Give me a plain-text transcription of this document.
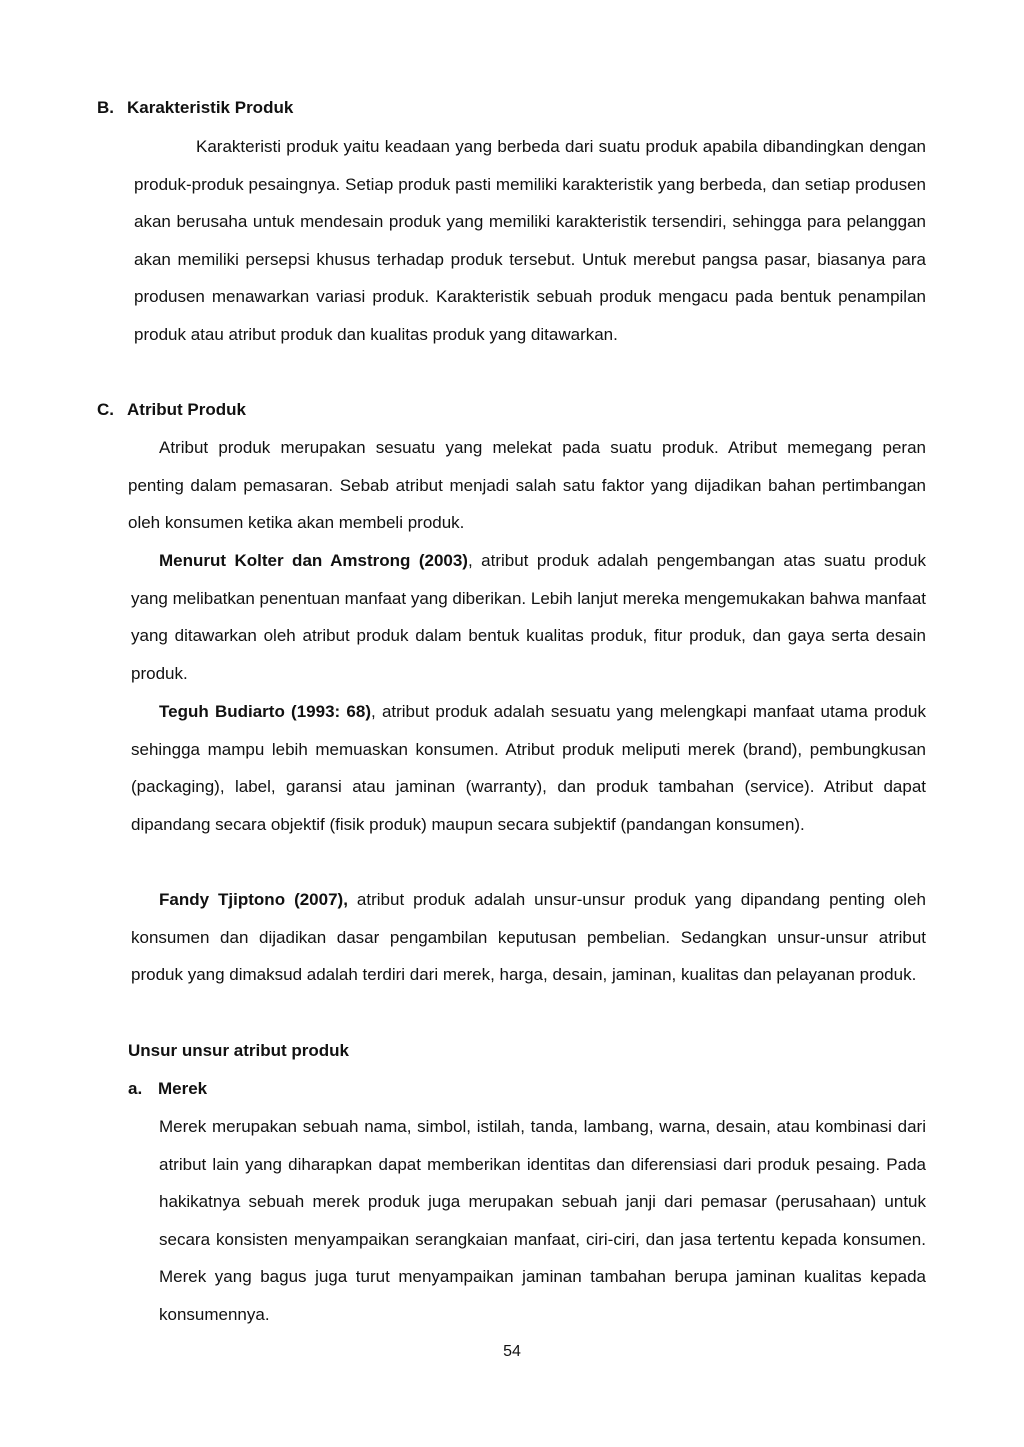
B. Karakteristik Produk

Karakteristi produk yaitu keadaan yang berbeda dari suatu produk apabila dibandingkan dengan produk-produk pesaingnya. Setiap produk pasti memiliki karakteristik yang berbeda, dan setiap produsen akan berusaha untuk mendesain produk yang memiliki karakteristik tersendiri, sehingga para pelanggan akan memiliki persepsi khusus terhadap produk tersebut. Untuk merebut pangsa pasar, biasanya para produsen menawarkan variasi produk. Karakteristik sebuah produk mengacu pada bentuk penampilan produk atau atribut produk dan kualitas produk yang ditawarkan.

C. Atribut Produk

Atribut produk merupakan sesuatu yang melekat pada suatu produk. Atribut memegang peran penting dalam pemasaran. Sebab atribut menjadi salah satu faktor yang dijadikan bahan pertimbangan oleh konsumen ketika akan membeli produk.

Menurut Kolter dan Amstrong (2003), atribut produk adalah pengembangan atas suatu produk yang melibatkan penentuan manfaat yang diberikan. Lebih lanjut mereka mengemukakan bahwa manfaat yang ditawarkan oleh atribut produk dalam bentuk kualitas produk, fitur produk, dan gaya serta desain produk.

Teguh Budiarto (1993: 68), atribut produk adalah sesuatu yang melengkapi manfaat utama produk sehingga mampu lebih memuaskan konsumen. Atribut produk meliputi merek (brand), pembungkusan (packaging), label, garansi atau jaminan (warranty), dan produk tambahan (service). Atribut dapat dipandang secara objektif (fisik produk) maupun secara subjektif (pandangan konsumen).

Fandy Tjiptono (2007), atribut produk adalah unsur-unsur produk yang dipandang penting oleh konsumen dan dijadikan dasar pengambilan keputusan pembelian. Sedangkan unsur-unsur atribut produk yang dimaksud adalah terdiri dari merek, harga, desain, jaminan, kualitas dan pelayanan produk.

Unsur unsur atribut produk
a. Merek

Merek merupakan sebuah nama, simbol, istilah, tanda, lambang, warna, desain, atau kombinasi dari atribut lain yang diharapkan dapat memberikan identitas dan diferensiasi dari produk pesaing. Pada hakikatnya sebuah merek produk juga merupakan sebuah janji dari pemasar (perusahaan) untuk secara konsisten menyampaikan serangkaian manfaat, ciri-ciri, dan jasa tertentu kepada konsumen. Merek yang bagus juga turut menyampaikan jaminan tambahan berupa jaminan kualitas kepada konsumennya.

54
